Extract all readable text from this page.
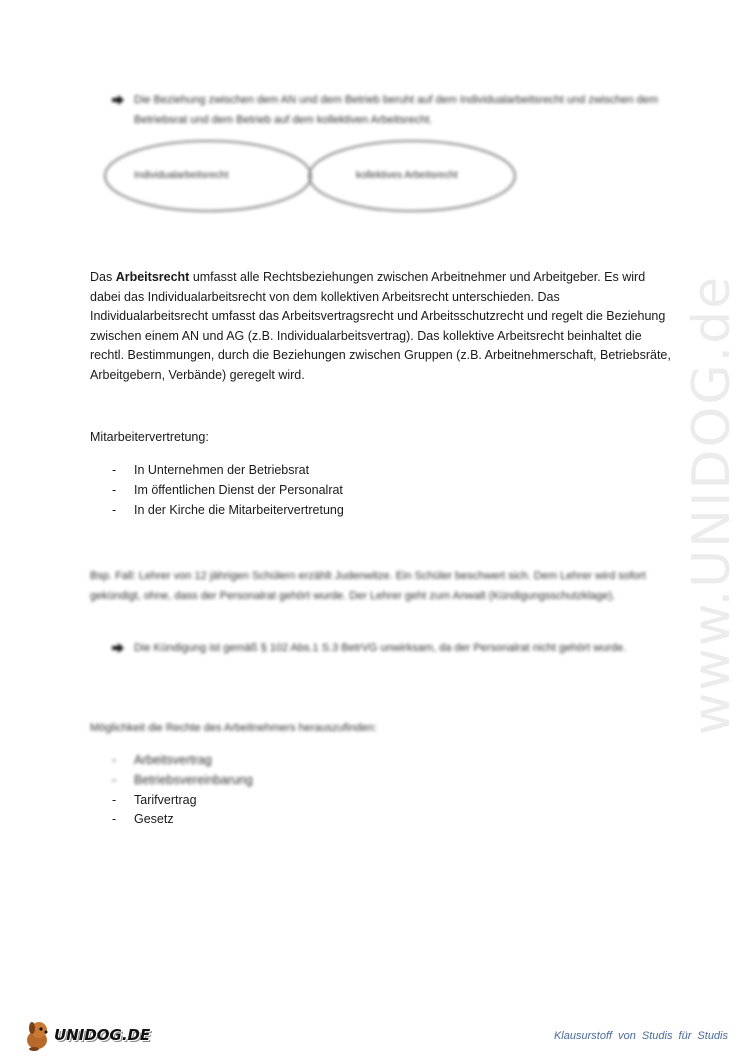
www.UNIDOG.de
Die Beziehung zwischen dem AN und dem Betrieb beruht auf dem Individualarbeitsrecht und zwischen dem Betriebsrat und dem Betrieb auf dem kollektiven Arbeitsrecht.
Individualarbeitsrecht	kollektives Arbeitsrecht
Das Arbeitsrecht umfasst alle Rechtsbeziehungen zwischen Arbeitnehmer und Arbeitgeber. Es wird dabei das Individualarbeitsrecht von dem kollektiven Arbeitsrecht unterschieden. Das Individualarbeitsrecht umfasst das Arbeitsvertragsrecht und Arbeitsschutzrecht und regelt die Beziehung zwischen einem AN und AG (z.B. Individualarbeitsvertrag). Das kollektive Arbeitsrecht beinhaltet die rechtl. Bestimmungen, durch die Beziehungen zwischen Gruppen (z.B. Arbeitnehmerschaft, Betriebsräte, Arbeitgebern, Verbände) geregelt wird.
Mitarbeitervertretung:
- In Unternehmen der Betriebsrat
- Im öffentlichen Dienst der Personalrat
- In der Kirche die Mitarbeitervertretung
Bsp. Fall: Lehrer von 12 jährigen Schülern erzählt Judenwitze. Ein Schüler beschwert sich. Dem Lehrer wird sofort gekündigt, ohne, dass der Personalrat gehört wurde. Der Lehrer geht zum Anwalt (Kündigungsschutzklage).
Die Kündigung ist gemäß § 102 Abs.1 S.3 BetrVG unwirksam, da der Personalrat nicht gehört wurde.
Möglichkeit die Rechte des Arbeitnehmers herauszufinden:
- Arbeitsvertrag
- Betriebsvereinbarung
- Tarifvertrag
- Gesetz
UNIDOG.DE	Klausurstoff von Studis für Studis
